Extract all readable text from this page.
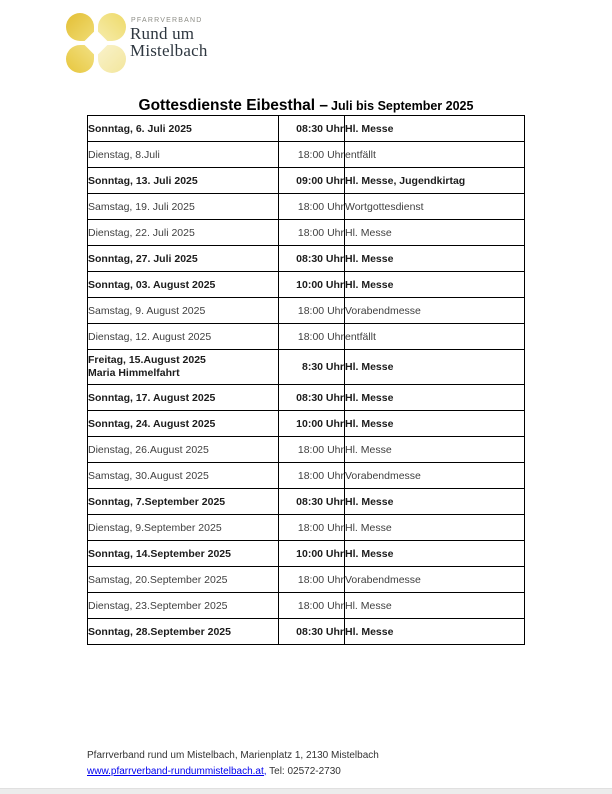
PFARRVERBAND
Rund um
Mistelbach
Gottesdienste Eibesthal – Juli bis September 2025
Sonntag, 6. Juli 2025	08:30 Uhr	Hl. Messe
Dienstag, 8.Juli	18:00 Uhr	entfällt
Sonntag, 13. Juli 2025	09:00 Uhr	Hl. Messe, Jugendkirtag
Samstag, 19. Juli 2025	18:00 Uhr	Wortgottesdienst
Dienstag, 22. Juli 2025	18:00 Uhr	Hl. Messe
Sonntag, 27. Juli 2025	08:30 Uhr	Hl. Messe
Sonntag, 03. August 2025	10:00 Uhr	Hl. Messe
Samstag, 9. August 2025	18:00 Uhr	Vorabendmesse
Dienstag, 12. August 2025	18:00 Uhr	entfällt
Freitag, 15.August 2025
Maria Himmelfahrt	8:30 Uhr	Hl. Messe
Sonntag, 17. August 2025	08:30 Uhr	Hl. Messe
Sonntag, 24. August 2025	10:00 Uhr	Hl. Messe
Dienstag, 26.August 2025	18:00 Uhr	Hl. Messe
Samstag, 30.August 2025	18:00 Uhr	Vorabendmesse
Sonntag, 7.September 2025	08:30 Uhr	Hl. Messe
Dienstag, 9.September 2025	18:00 Uhr	Hl. Messe
Sonntag, 14.September 2025	10:00 Uhr	Hl. Messe
Samstag, 20.September 2025	18:00 Uhr	Vorabendmesse
Dienstag, 23.September 2025	18:00 Uhr	Hl. Messe
Sonntag, 28.September 2025	08:30 Uhr	Hl. Messe
Pfarrverband rund um Mistelbach, Marienplatz 1, 2130 Mistelbach
www.pfarrverband-rundummistelbach.at, Tel: 02572-2730
